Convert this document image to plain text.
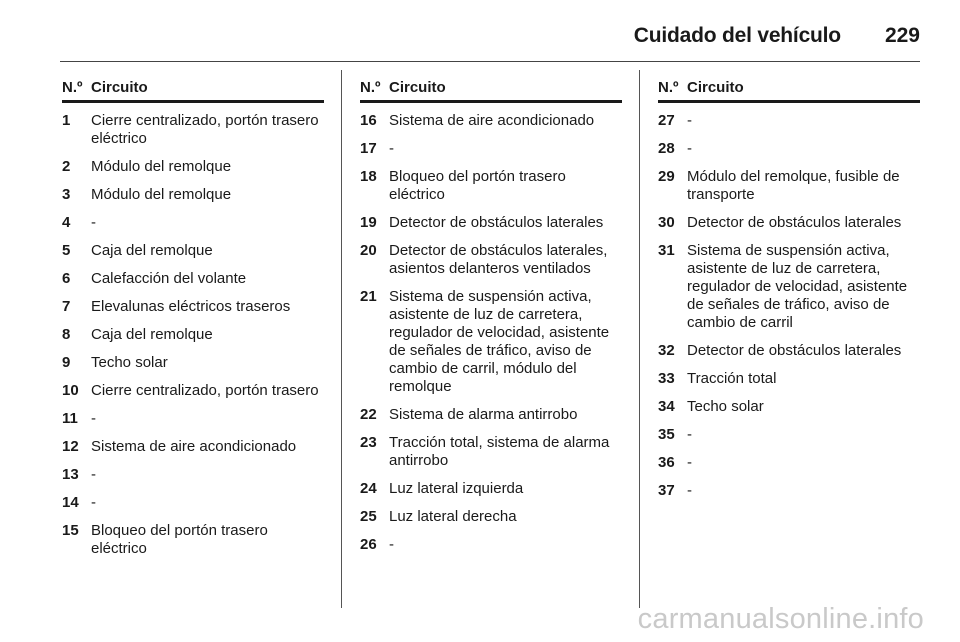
Cuidado del vehículo 229
N.º Circuito
1	Cierre centralizado, portón trasero eléctrico
2	Módulo del remolque
3	Módulo del remolque
4	-
5	Caja del remolque
6	Calefacción del volante
7	Elevalunas eléctricos traseros
8	Caja del remolque
9	Techo solar
10 Cierre centralizado, portón trasero
11 -
12 Sistema de aire acondicionado
13 -
14 -
15 Bloqueo del portón trasero eléctrico
N.º Circuito
16 Sistema de aire acondicionado
17 -
18 Bloqueo del portón trasero eléctrico
19 Detector de obstáculos laterales
20 Detector de obstáculos laterales, asientos delanteros ventilados
21 Sistema de suspensión activa, asistente de luz de carretera, regulador de velocidad, asistente de señales de tráfico, aviso de cambio de carril, módulo del remolque
22 Sistema de alarma antirrobo
23 Tracción total, sistema de alarma antirrobo
24 Luz lateral izquierda
25 Luz lateral derecha
26 -
N.º Circuito
27 -
28 -
29 Módulo del remolque, fusible de transporte
30 Detector de obstáculos laterales
31 Sistema de suspensión activa, asistente de luz de carretera, regulador de velocidad, asistente de señales de tráfico, aviso de cambio de carril
32 Detector de obstáculos laterales
33 Tracción total
34 Techo solar
35 -
36 -
37 -
carmanualsonline.info
